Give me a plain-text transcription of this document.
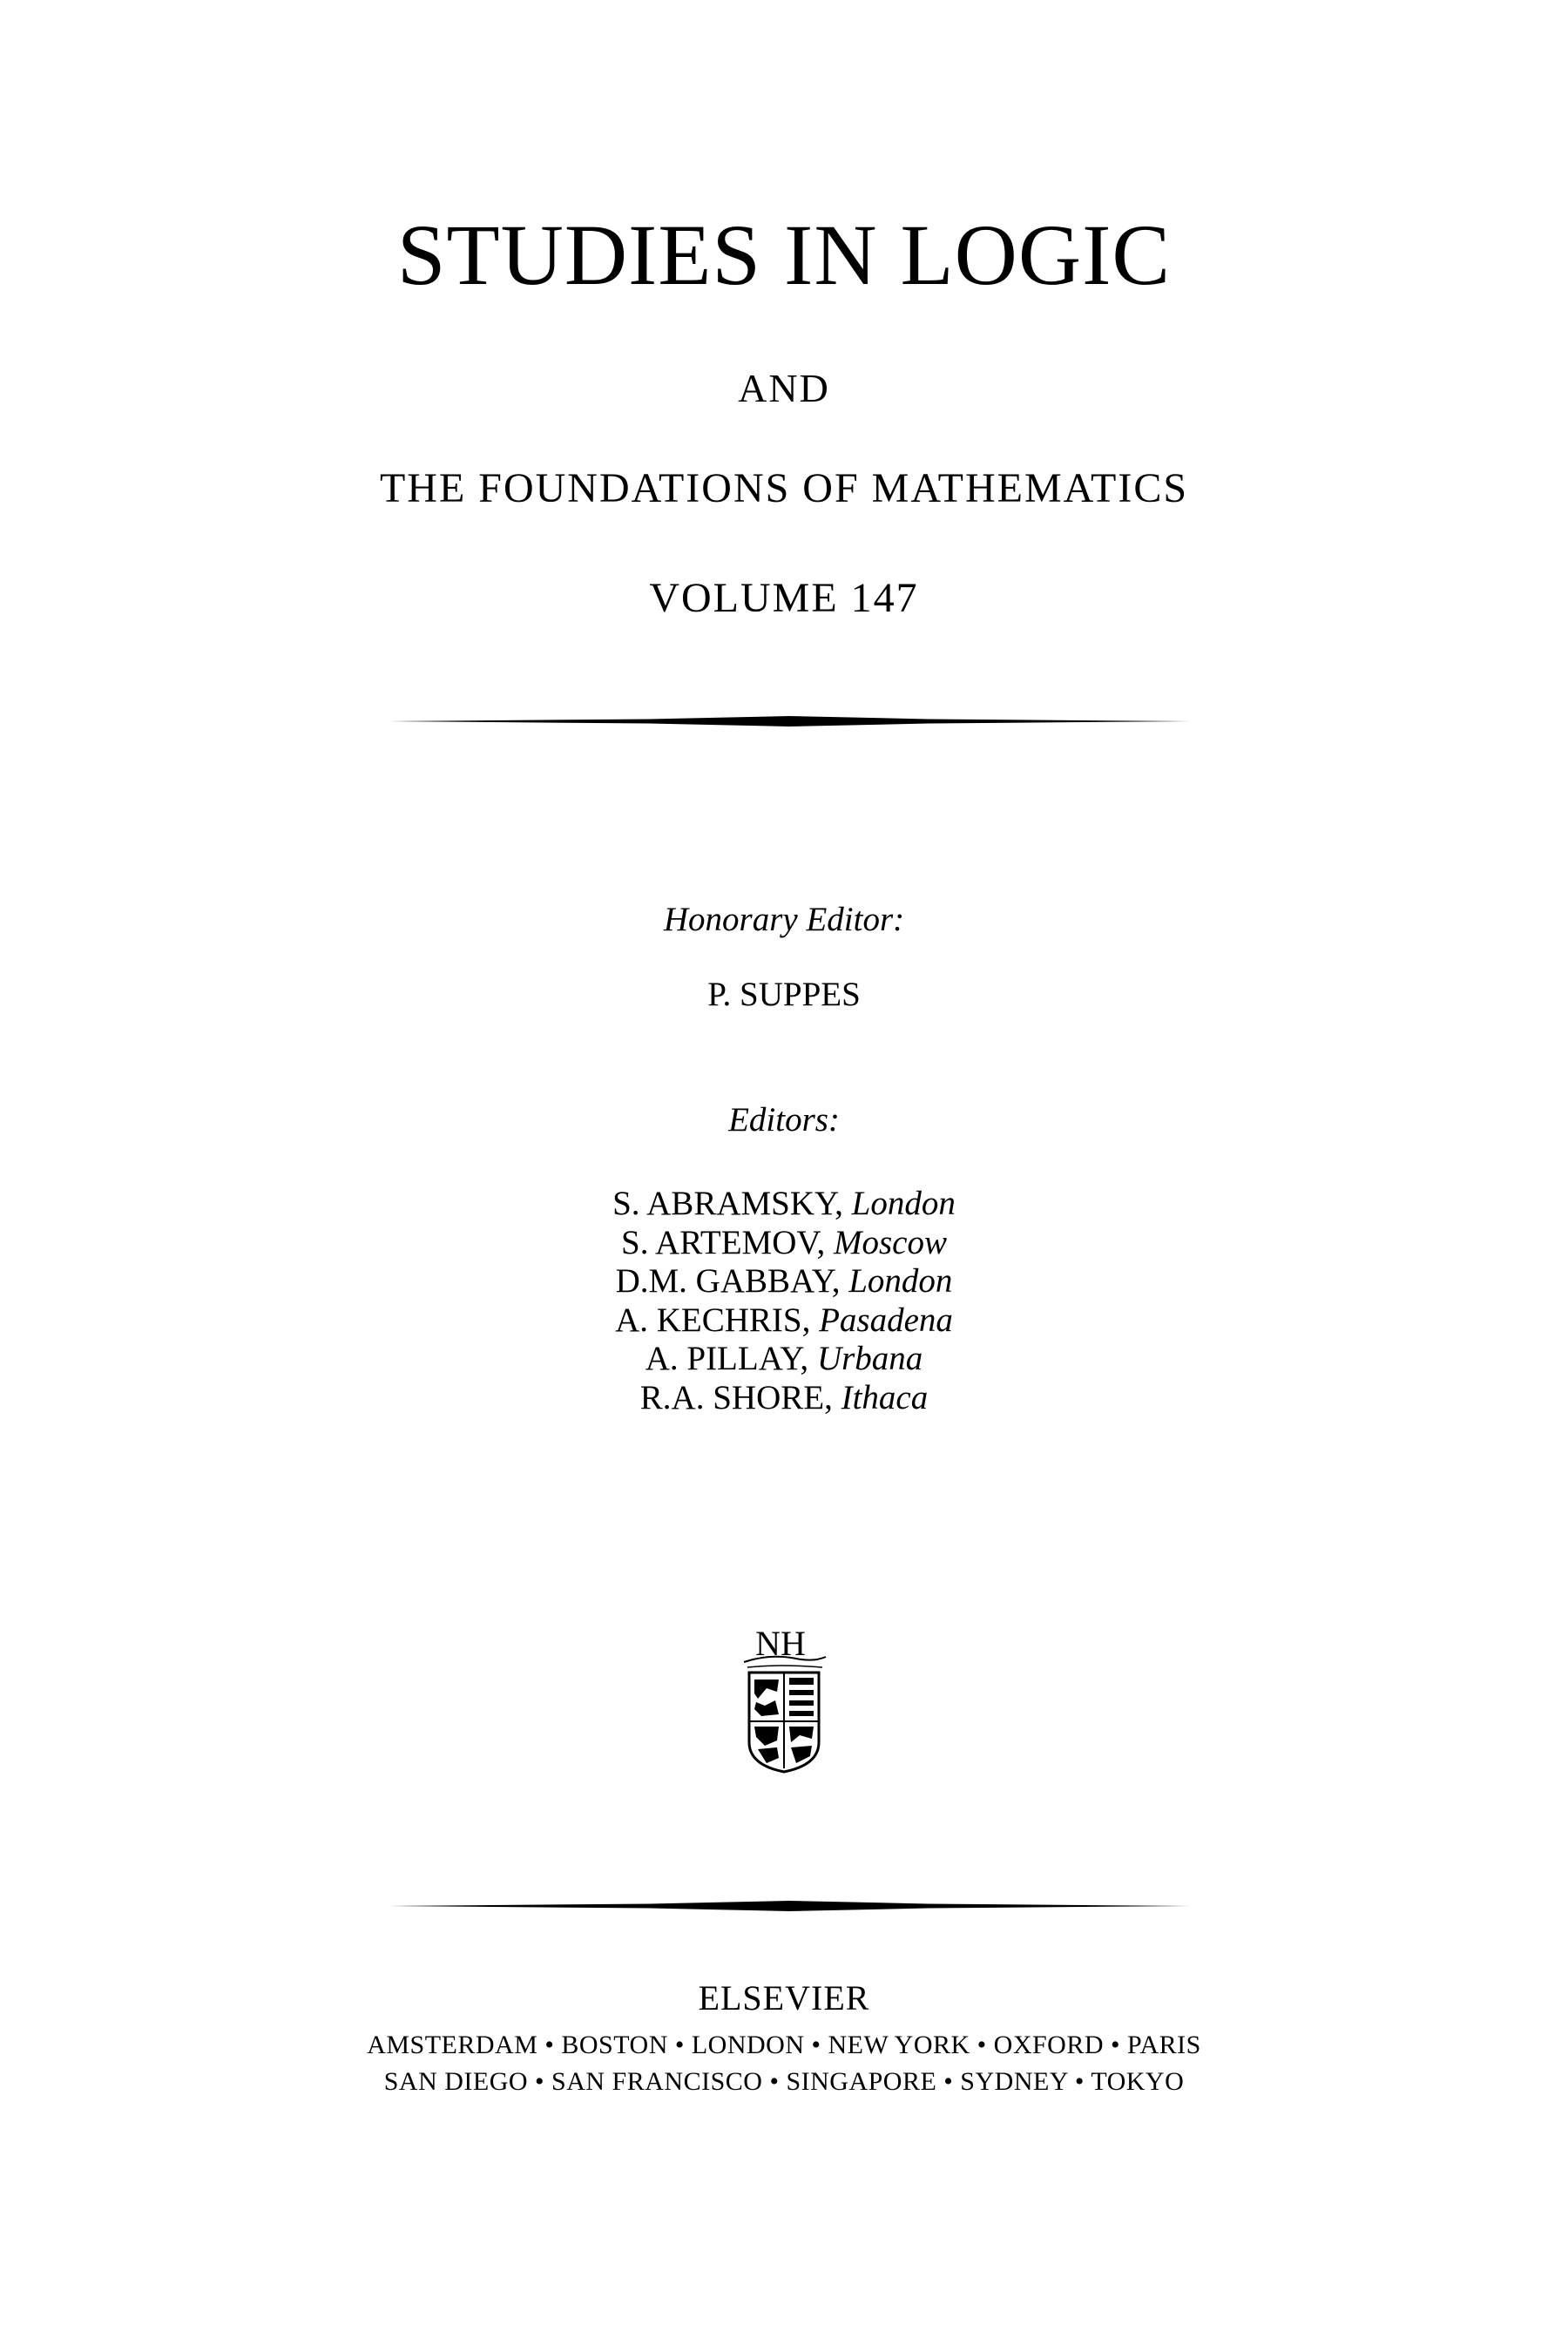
STUDIES IN LOGIC
AND
THE FOUNDATIONS OF MATHEMATICS
VOLUME 147
Honorary Editor:
P. SUPPES
Editors:
S. ABRAMSKY, London
S. ARTEMOV, Moscow
D.M. GABBAY, London
A. KECHRIS, Pasadena
A. PILLAY, Urbana
R.A. SHORE, Ithaca
NH
ELSEVIER
AMSTERDAM • BOSTON • LONDON • NEW YORK • OXFORD • PARIS
SAN DIEGO • SAN FRANCISCO • SINGAPORE • SYDNEY • TOKYO
